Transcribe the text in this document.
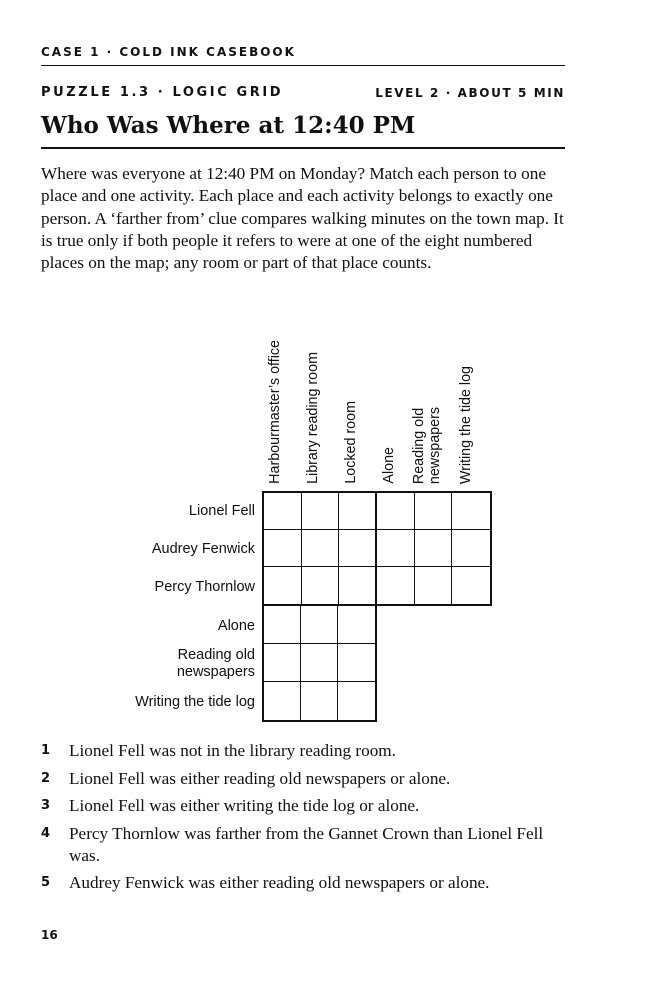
CASE 1 · COLD INK CASEBOOK
PUZZLE 1.3 · LOGIC GRID	LEVEL 2 · ABOUT 5 MIN
Who Was Where at 12:40 PM

Where was everyone at 12:40 PM on Monday? Match each person to one place and one activity. Each place and each activity belongs to exactly one person. A ‘farther from’ clue compares walking minutes on the town map. It is true only if both people it refers to were at one of the eight numbered places on the map; any room or part of that place counts.

Harbourmaster’s office Library reading room Locked room Alone Reading old
newspapers Writing the tide log
Lionel Fell
Audrey Fenwick
Percy Thornlow
Alone
Reading old
newspapers
Writing the tide log
1 Lionel Fell was not in the library reading room.
2 Lionel Fell was either reading old newspapers or alone.
3 Lionel Fell was either writing the tide log or alone.
4 Percy Thornlow was farther from the Gannet Crown than Lionel Fell was.
5 Audrey Fenwick was either reading old newspapers or alone.
16
